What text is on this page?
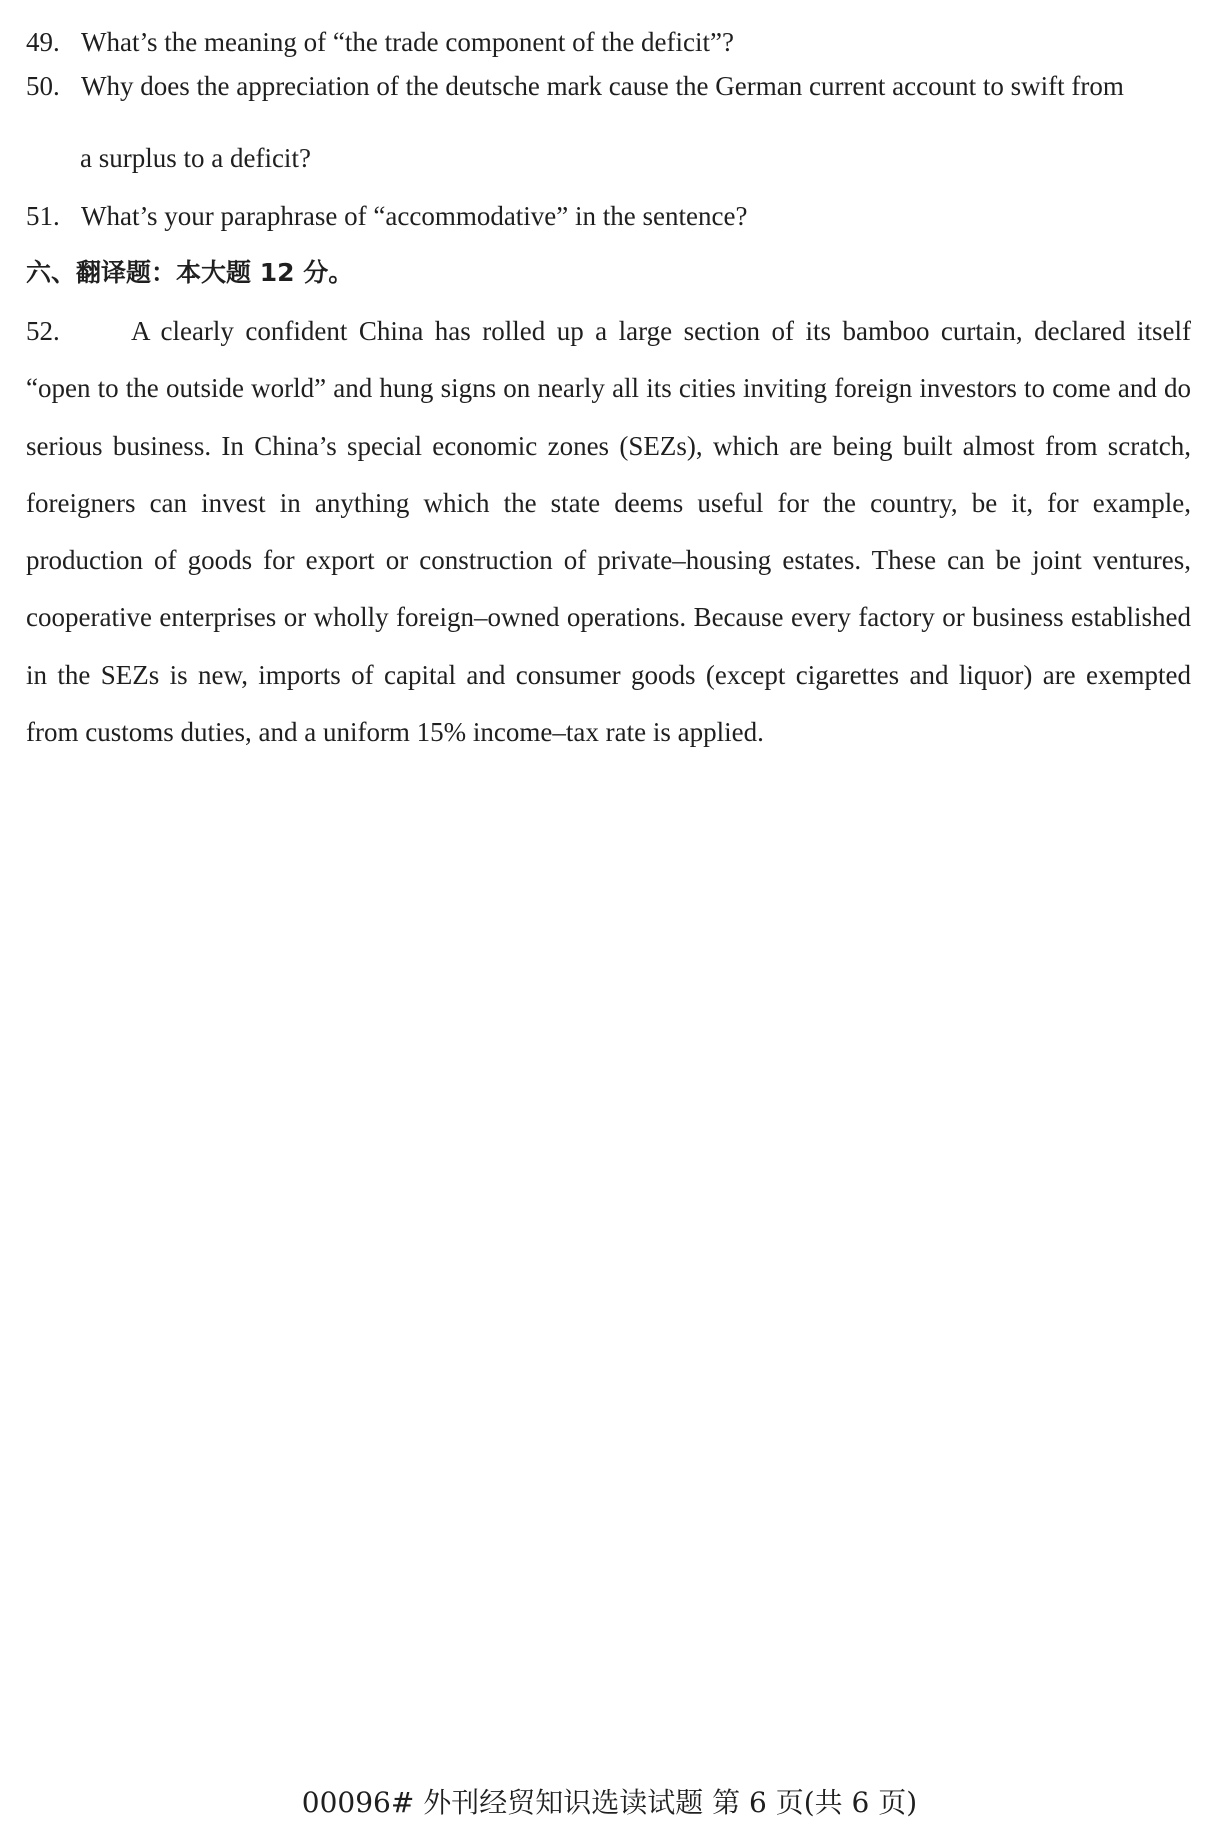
49. What’s the meaning of “the trade component of the deficit”?
50. Why does the appreciation of the deutsche mark cause the German current account to swift from
a surplus to a deficit?
51. What’s your paraphrase of “accommodative” in the sentence?
六、翻译题：本大题 12 分。
52.	A clearly confident China has rolled up a large section of its bamboo curtain, declared itself “open to the outside world” and hung signs on nearly all its cities inviting foreign investors to come and do serious business. In China’s special economic zones (SEZs), which are being built almost from scratch, foreigners can invest in anything which the state deems useful for the country, be it, for example, production of goods for export or construction of private–housing estates. These can be joint ventures, cooperative enterprises or wholly foreign–owned operations. Because every factory or business established in the SEZs is new, imports of capital and consumer goods (except cigarettes and liquor) are exempted from customs duties, and a uniform 15% income–tax rate is applied.
00096# 外刊经贸知识选读试题 第 6 页(共 6 页)
